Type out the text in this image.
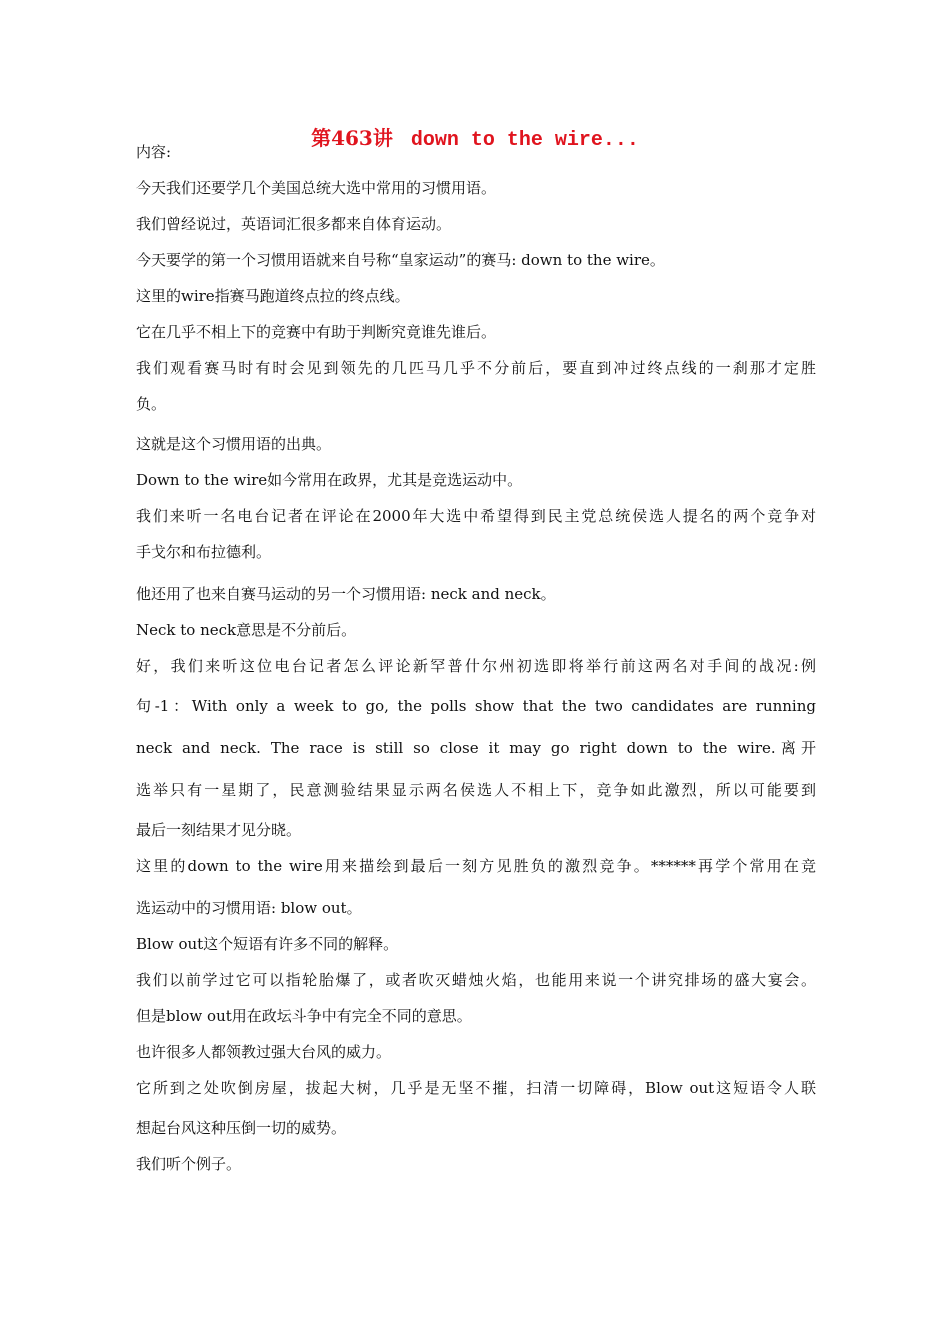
第463讲 down to the wire...
内容:
今天我们还要学几个美国总统大选中常用的习惯用语。
我们曾经说过，英语词汇很多都来自体育运动。
今天要学的第一个习惯用语就来自号称“皇家运动”的赛马: down to the wire。
这里的wire指赛马跑道终点拉的终点线。
它在几乎不相上下的竞赛中有助于判断究竟谁先谁后。
我们观看赛马时有时会见到领先的几匹马几乎不分前后，要直到冲过终点线的一刹那才定胜
负。
这就是这个习惯用语的出典。
Down to the wire如今常用在政界，尤其是竞选运动中。
我们来听一名电台记者在评论在2000年大选中希望得到民主党总统侯选人提名的两个竞争对
手戈尔和布拉德利。
他还用了也来自赛马运动的另一个习惯用语: neck and neck。
Neck to neck意思是不分前后。
好，我们来听这位电台记者怎么评论新罕普什尔州初选即将举行前这两名对手间的战况:例
句-1：With only a week to go, the polls show that the two candidates are running
neck and neck. The race is still so close it may go right down to the wire.离开
选举只有一星期了，民意测验结果显示两名侯选人不相上下，竞争如此激烈，所以可能要到
最后一刻结果才见分晓。
这里的down to the wire用来描绘到最后一刻方见胜负的激烈竞争。******再学个常用在竞
选运动中的习惯用语: blow out。
Blow out这个短语有许多不同的解释。
我们以前学过它可以指轮胎爆了，或者吹灭蜡烛火焰，也能用来说一个讲究排场的盛大宴会。
但是blow out用在政坛斗争中有完全不同的意思。
也许很多人都领教过强大台风的威力。
它所到之处吹倒房屋，拔起大树，几乎是无坚不摧，扫清一切障碍，Blow out这短语令人联
想起台风这种压倒一切的威势。
我们听个例子。
